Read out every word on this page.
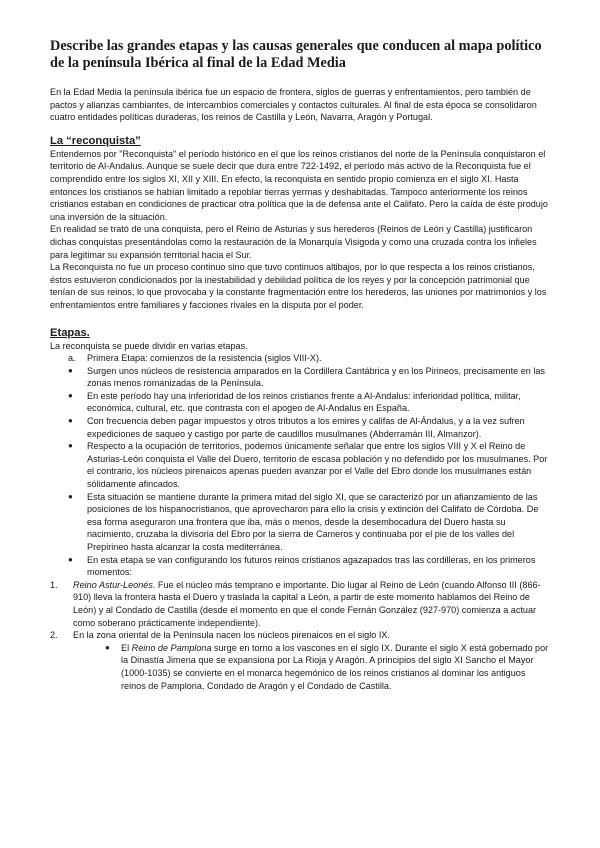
Describe las grandes etapas y las causas generales que conducen al mapa político de la península Ibérica al final de la Edad Media

En la Edad Media la península ibérica fue un espacio de frontera, siglos de guerras y enfrentamientos, pero también de pactos y alianzas cambiantes, de intercambios comerciales y contactos culturales. Al final de esta época se consolidaron cuatro entidades políticas duraderas, los reinos de Castilla y León, Navarra, Aragón y Portugal.

La “reconquista”

Entendemos por "Reconquista" el período histórico en el que los reinos cristianos del norte de la Península conquistaron el territorio de Al-Andalus. Aunque se suele decir que dura entre 722-1492, el período más activo de la Reconquista fue el comprendido entre los siglos XI, XII y XIII. En efecto, la reconquista en sentido propio comienza en el siglo XI. Hasta entonces los cristianos se habían limitado a repoblar tierras yermas y deshabitadas. Tampoco anteriormente los reinos cristianos estaban en condiciones de practicar otra política que la de defensa ante el Califato. Pero la caída de éste produjo una inversión de la situación.

En realidad se trató de una conquista, pero el Reino de Asturias y sus herederos (Reinos de León y Castilla) justificaron dichas conquistas presentándolas como la restauración de la Monarquía Visigoda y como una cruzada contra los infieles para legitimar su expansión territorial hacia el Sur.

La Reconquista no fue un proceso continuo sino que tuvo continuos altibajos, por lo que respecta a los reinos cristianos, éstos estuvieron condicionados por la inestabilidad y debilidad política de los reyes y por la concepción patrimonial que tenían de sus reinos, lo que provocaba y la constante fragmentación entre los herederos, las uniones por matrimonios y los enfrentamientos entre familiares y facciones rivales en la disputa por el poder.

Etapas.

La reconquista se puede dividir en varias etapas.

a. Primera Etapa: comienzos de la resistencia (siglos VIII-X).
● Surgen unos núcleos de resistencia amparados en la Cordillera Cantábrica y en los Pirineos, precisamente en las zonas menos romanizadas de la Península.
● En este período hay una inferioridad de los reinos cristianos frente a Al-Andalus: inferioridad política, militar, económica, cultural, etc. que contrasta con el apogeo de Al-Andalus en España.
● Con frecuencia deben pagar impuestos y otros tributos a los emires y califas de Al-Ándalus, y a la vez sufren expediciones de saqueo y castigo por parte de caudillos musulmanes (Abderramán III, Almanzor).
● Respecto a la ocupación de territorios, podemos únicamente señalar que entre los siglos VIII y X el Reino de Asturias-León conquista el Valle del Duero, territorio de escasa población y no defendido por los musulmanes. Por el contrario, los núcleos pirenaicos apenas pueden avanzar por el Valle del Ebro donde los musulmanes están sólidamente afincados.
● Esta situación se mantiene durante la primera mitad del siglo XI, que se caracterizó por un afianzamiento de las posiciones de los hispanocristianos, que aprovecharon para ello la crisis y extinción del Califato de Córdoba. De esa forma aseguraron una frontera que iba, más o menos, desde la desembocadura del Duero hasta su nacimiento, cruzaba la divisoria del Ebro por la sierra de Cameros y continuaba por el pie de los valles del Prepirineo hasta alcanzar la costa mediterránea.
● En esta etapa se van configurando los futuros reinos cristianos agazapados tras las cordilleras, en los primeros momentos:
1. Reino Astur-Leonés. Fue el núcleo más temprano e importante. Dio lugar al Reino de León (cuando Alfonso III (866-910) lleva la frontera hasta el Duero y traslada la capital a León, a partir de este momento hablamos del Reino de León) y al Condado de Castilla (desde el momento en que el conde Fernán González (927-970) comienza a actuar como soberano prácticamente independiente).
2. En la zona oriental de la Península nacen los núcleos pirenaicos en el siglo IX.
● El Reino de Pamplona surge en torno a los vascones en el siglo IX. Durante el siglo X está gobernado por la Dinastía Jimena que se expansiona por La Rioja y Aragón. A principios del siglo XI Sancho el Mayor (1000-1035) se convierte en el monarca hegemónico de los reinos cristianos al dominar los antiguos reinos de Pamplona, Condado de Aragón y el Condado de Castilla.
